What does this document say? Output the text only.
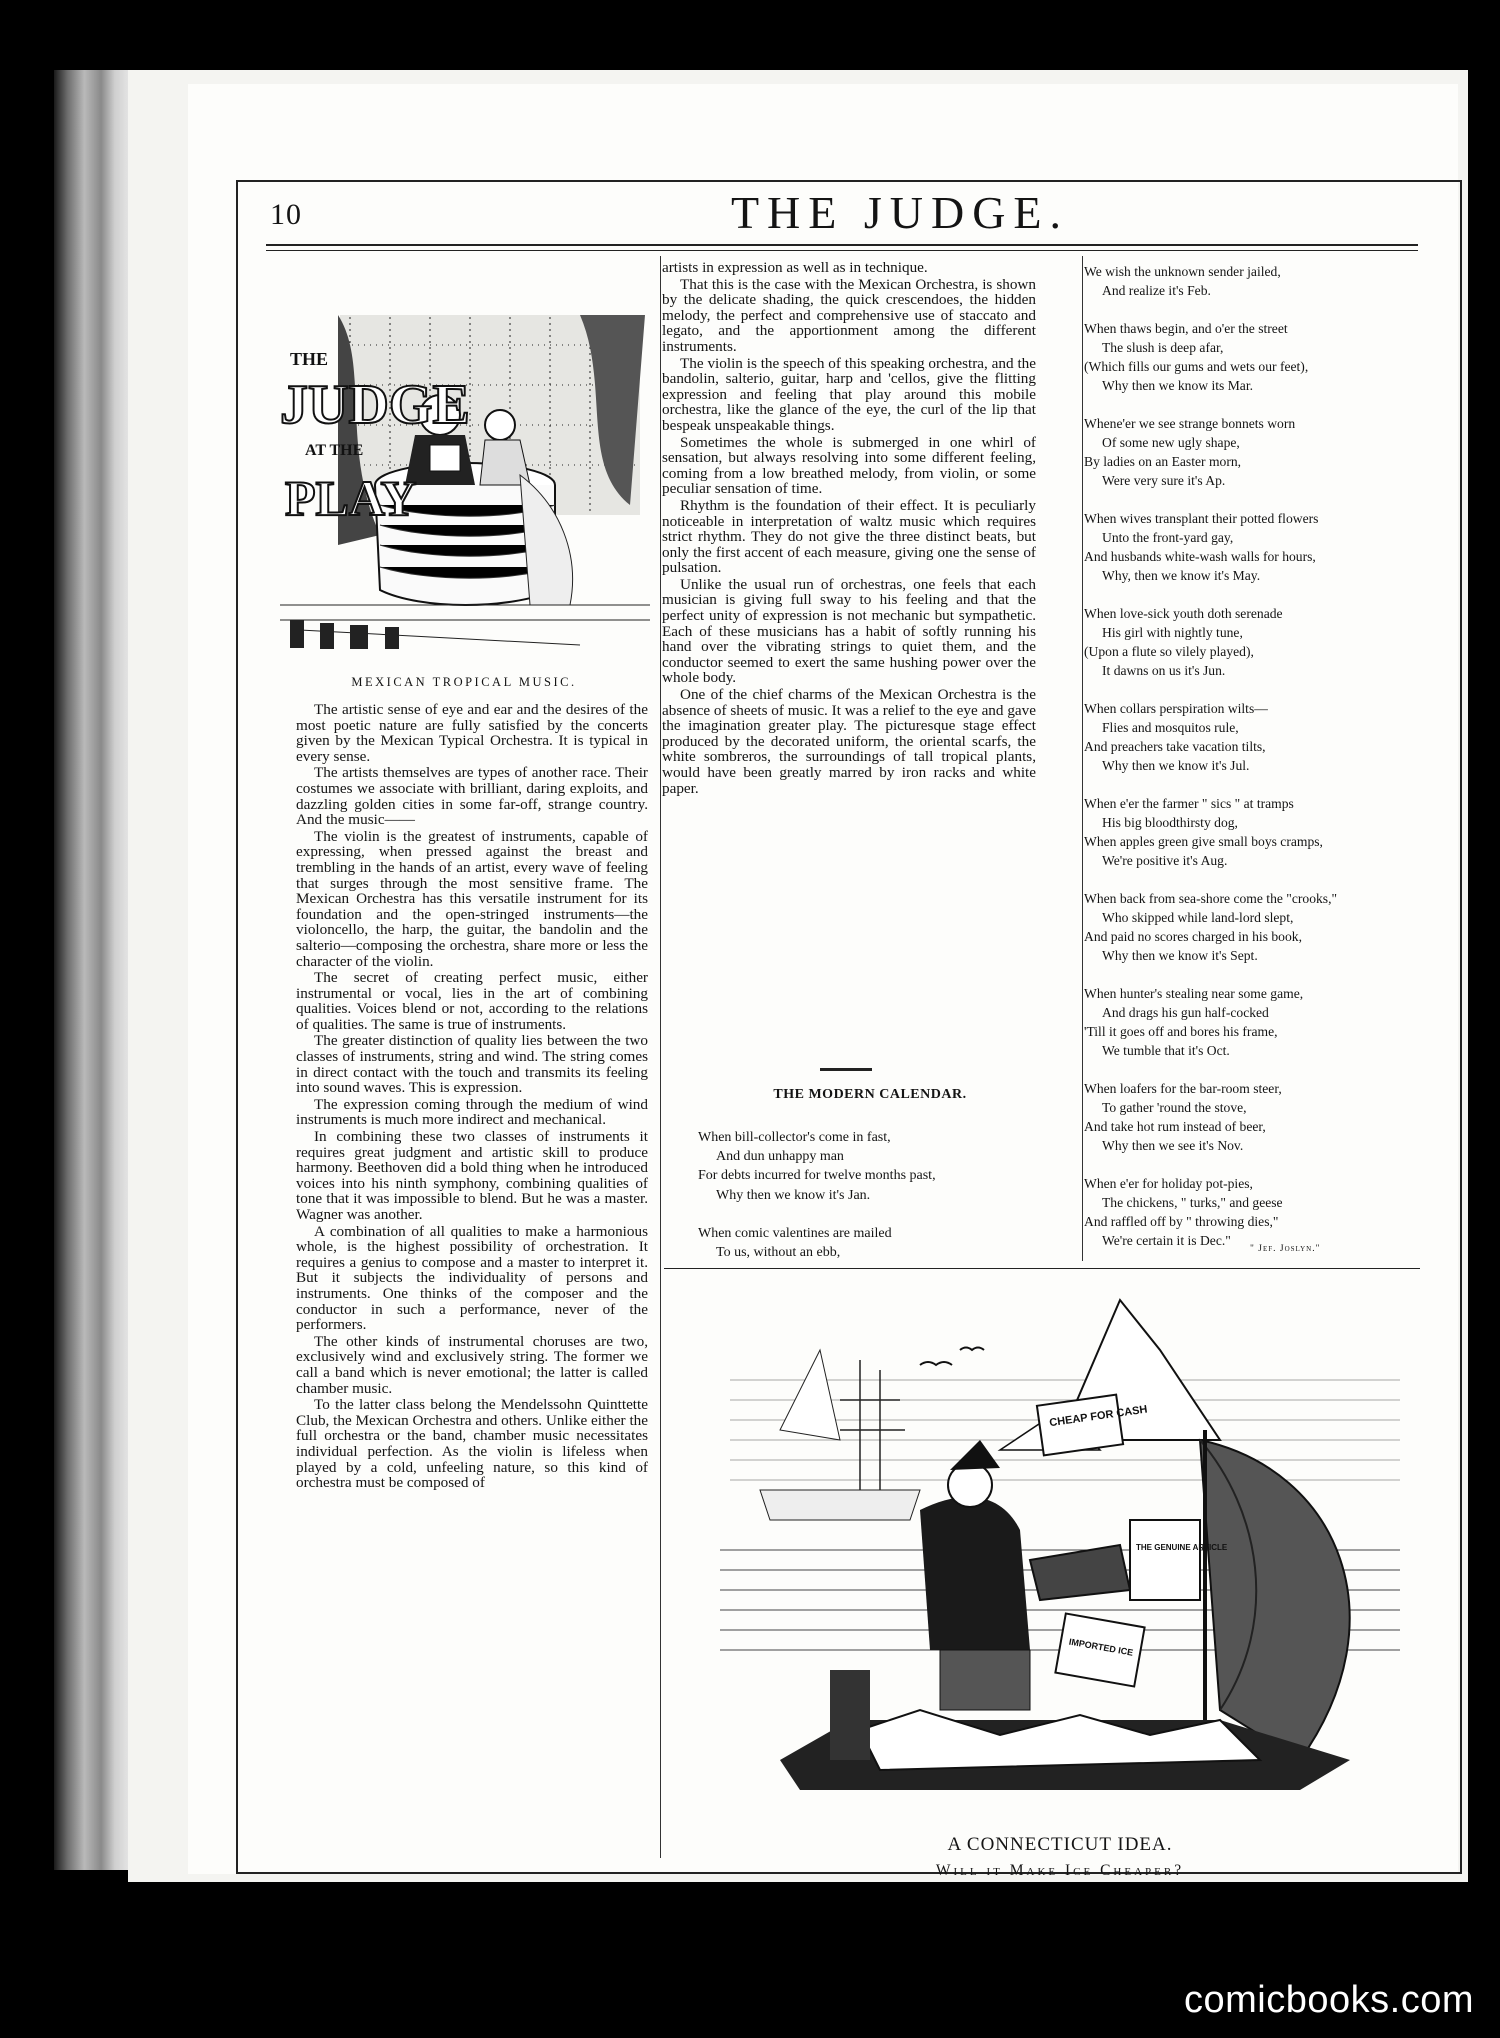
10	THE JUDGE.
THE
JUDGE
AT THE
PLAY
MEXICAN TROPICAL MUSIC.

The artistic sense of eye and ear and the desires of the most poetic nature are fully satisfied by the concerts given by the Mexican Typical Orchestra. It is typical in every sense.

The artists themselves are types of another race. Their costumes we associate with brilliant, daring exploits, and dazzling golden cities in some far-off, strange country. And the music——

The violin is the greatest of instruments, capable of expressing, when pressed against the breast and trembling in the hands of an artist, every wave of feeling that surges through the most sensitive frame. The Mexican Orchestra has this versatile instrument for its foundation and the open-stringed instruments—the violoncello, the harp, the guitar, the bandolin and the salterio—composing the orchestra, share more or less the character of the violin.

The secret of creating perfect music, either instrumental or vocal, lies in the art of combining qualities. Voices blend or not, according to the relations of qualities. The same is true of instruments.

The greater distinction of quality lies between the two classes of instruments, string and wind. The string comes in direct contact with the touch and transmits its feeling into sound waves. This is expression.

The expression coming through the medium of wind instruments is much more indirect and mechanical.

In combining these two classes of instruments it requires great judgment and artistic skill to produce harmony. Beethoven did a bold thing when he introduced voices into his ninth symphony, combining qualities of tone that it was impossible to blend. But he was a master. Wagner was another.

A combination of all qualities to make a harmonious whole, is the highest possibility of orchestration. It requires a genius to compose and a master to interpret it. But it subjects the individuality of persons and instruments. One thinks of the composer and the conductor in such a performance, never of the performers.

The other kinds of instrumental choruses are two, exclusively wind and exclusively string. The former we call a band which is never emotional; the latter is called chamber music.

To the latter class belong the Mendelssohn Quinttette Club, the Mexican Orchestra and others. Unlike either the full orchestra or the band, chamber music necessitates individual perfection. As the violin is lifeless when played by a cold, unfeeling nature, so this kind of orchestra must be composed of

artists in expression as well as in technique.

That this is the case with the Mexican Orchestra, is shown by the delicate shading, the quick crescendoes, the hidden melody, the perfect and comprehensive use of staccato and legato, and the apportionment among the different instruments.

The violin is the speech of this speaking orchestra, and the bandolin, salterio, guitar, harp and 'cellos, give the flitting expression and feeling that play around this mobile orchestra, like the glance of the eye, the curl of the lip that bespeak unspeakable things.

Sometimes the whole is submerged in one whirl of sensation, but always resolving into some different feeling, coming from a low breathed melody, from violin, or some peculiar sensation of time.

Rhythm is the foundation of their effect. It is peculiarly noticeable in interpretation of waltz music which requires strict rhythm. They do not give the three distinct beats, but only the first accent of each measure, giving one the sense of pulsation.

Unlike the usual run of orchestras, one feels that each musician is giving full sway to his feeling and that the perfect unity of expression is not mechanic but sympathetic. Each of these musicians has a habit of softly running his hand over the vibrating strings to quiet them, and the conductor seemed to exert the same hushing power over the whole body.

One of the chief charms of the Mexican Orchestra is the absence of sheets of music. It was a relief to the eye and gave the imagination greater play. The picturesque stage effect produced by the decorated uniform, the oriental scarfs, the white sombreros, the surroundings of tall tropical plants, would have been greatly marred by iron racks and white paper.

THE MODERN CALENDAR.
When bill-collector's come in fast,
And dun unhappy man
For debts incurred for twelve months past,
Why then we know it's Jan.
When comic valentines are mailed
To us, without an ebb,
We wish the unknown sender jailed,
And realize it's Feb.
When thaws begin, and o'er the street
The slush is deep afar,
(Which fills our gums and wets our feet),
Why then we know its Mar.
Whene'er we see strange bonnets worn
Of some new ugly shape,
By ladies on an Easter morn,
Were very sure it's Ap.
When wives transplant their potted flowers
Unto the front-yard gay,
And husbands white-wash walls for hours,
Why, then we know it's May.
When love-sick youth doth serenade
His girl with nightly tune,
(Upon a flute so vilely played),
It dawns on us it's Jun.
When collars perspiration wilts—
Flies and mosquitos rule,
And preachers take vacation tilts,
Why then we know it's Jul.
When e'er the farmer " sics " at tramps
His big bloodthirsty dog,
When apples green give small boys cramps,
We're positive it's Aug.
When back from sea-shore come the "crooks,"
Who skipped while land-lord slept,
And paid no scores charged in his book,
Why then we know it's Sept.
When hunter's stealing near some game,
And drags his gun half-cocked
'Till it goes off and bores his frame,
We tumble that it's Oct.
When loafers for the bar-room steer,
To gather 'round the stove,
And take hot rum instead of beer,
Why then we see it's Nov.
When e'er for holiday pot-pies,
The chickens, " turks," and geese
And raffled off by " throwing dies,"
We're certain it is Dec."
" Jef. Joslyn."
CHEAP FOR CASH
THE GENUINE ARTICLE
IMPORTED ICE
A CONNECTICUT IDEA.
Will it Make Ice Cheaper?
comicbooks.com
